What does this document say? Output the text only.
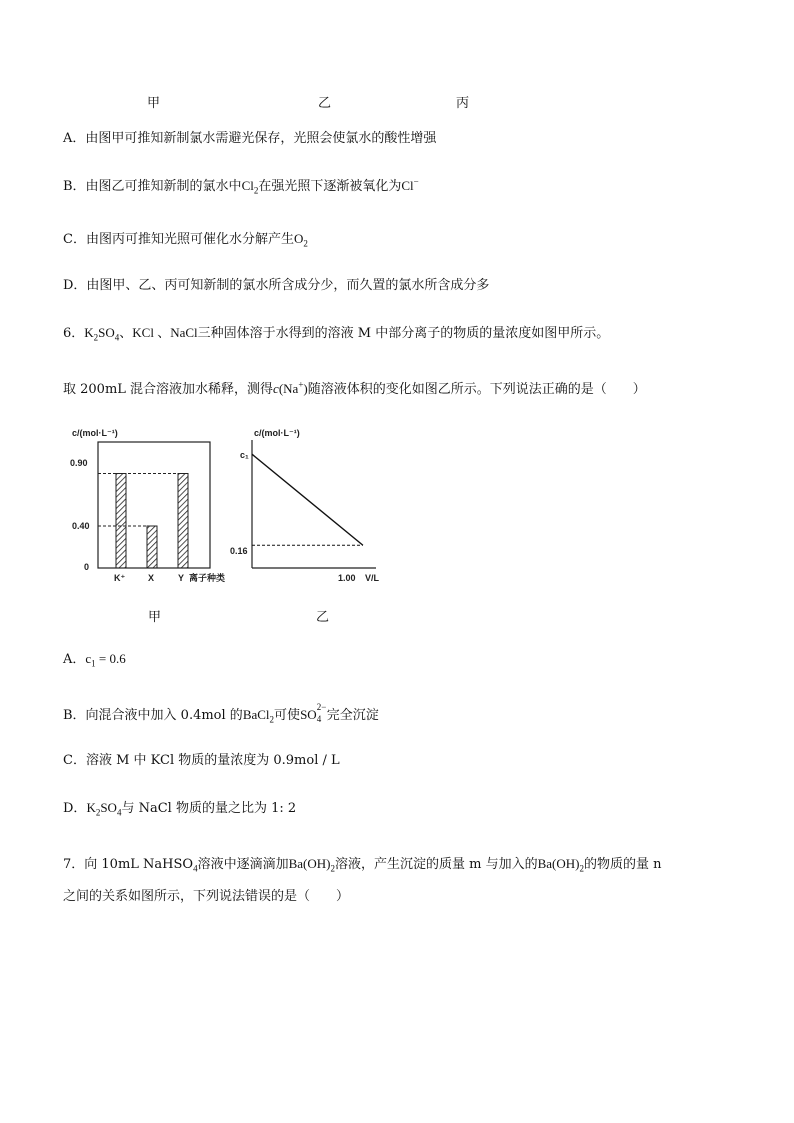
甲	乙	丙
A．由图甲可推知新制氯水需避光保存，光照会使氯水的酸性增强
B．由图乙可推知新制的氯水中$Cl_2$在强光照下逐渐被氧化为Cl−
C．由图丙可推知光照可催化水分解产生$O_2$
D．由图甲、乙、丙可知新制的氯水所含成分少，而久置的氯水所含成分多
6．$K_2SO_4$、KCl 、NaCl三种固体溶于水得到的溶液 M 中部分离子的物质的量浓度如图甲所示。
取 200mL 混合溶液加水稀释，测得c(Na+)随溶液体积的变化如图乙所示。下列说法正确的是（　　）
c/(mol·L⁻¹)
0.90
0.40
0
K⁺	X	Y 离子种类
c/(mol·L⁻¹)
c₁
0.16
1.00 V/L
甲	乙
A．$c_1 = 0.6$
B．向混合液中加入 0.4mol 的BaCl$_2$可使SO 2−
4 完全沉淀
C．溶液 M 中 KCl 物质的量浓度为 0.9mol / L
D．$K_2SO_4$与 NaCl 物质的量之比为 1: 2
7．向 10mL NaHSO$_4$溶液中逐滴滴加$Ba(OH)_2$溶液，产生沉淀的质量 m 与加入的$Ba(OH)_2$的物质的量 n
之间的关系如图所示，下列说法错误的是（　　）
